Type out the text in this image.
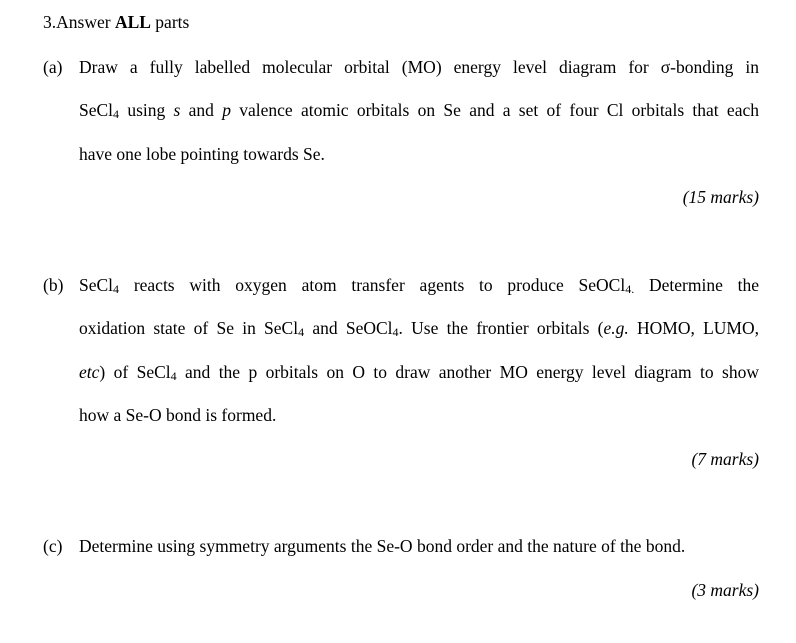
3.Answer ALL parts
(a) Draw a fully labelled molecular orbital (MO) energy level diagram for σ-bonding in
SeCl4 using s and p valence atomic orbitals on Se and a set of four Cl orbitals that each
have one lobe pointing towards Se.
(15 marks)
(b) SeCl4 reacts with oxygen atom transfer agents to produce SeOCl4. Determine the
oxidation state of Se in SeCl4 and SeOCl4. Use the frontier orbitals (e.g. HOMO, LUMO,
etc) of SeCl4 and the p orbitals on O to draw another MO energy level diagram to show
how a Se-O bond is formed.
(7 marks)
(c) Determine using symmetry arguments the Se-O bond order and the nature of the bond.
(3 marks)
